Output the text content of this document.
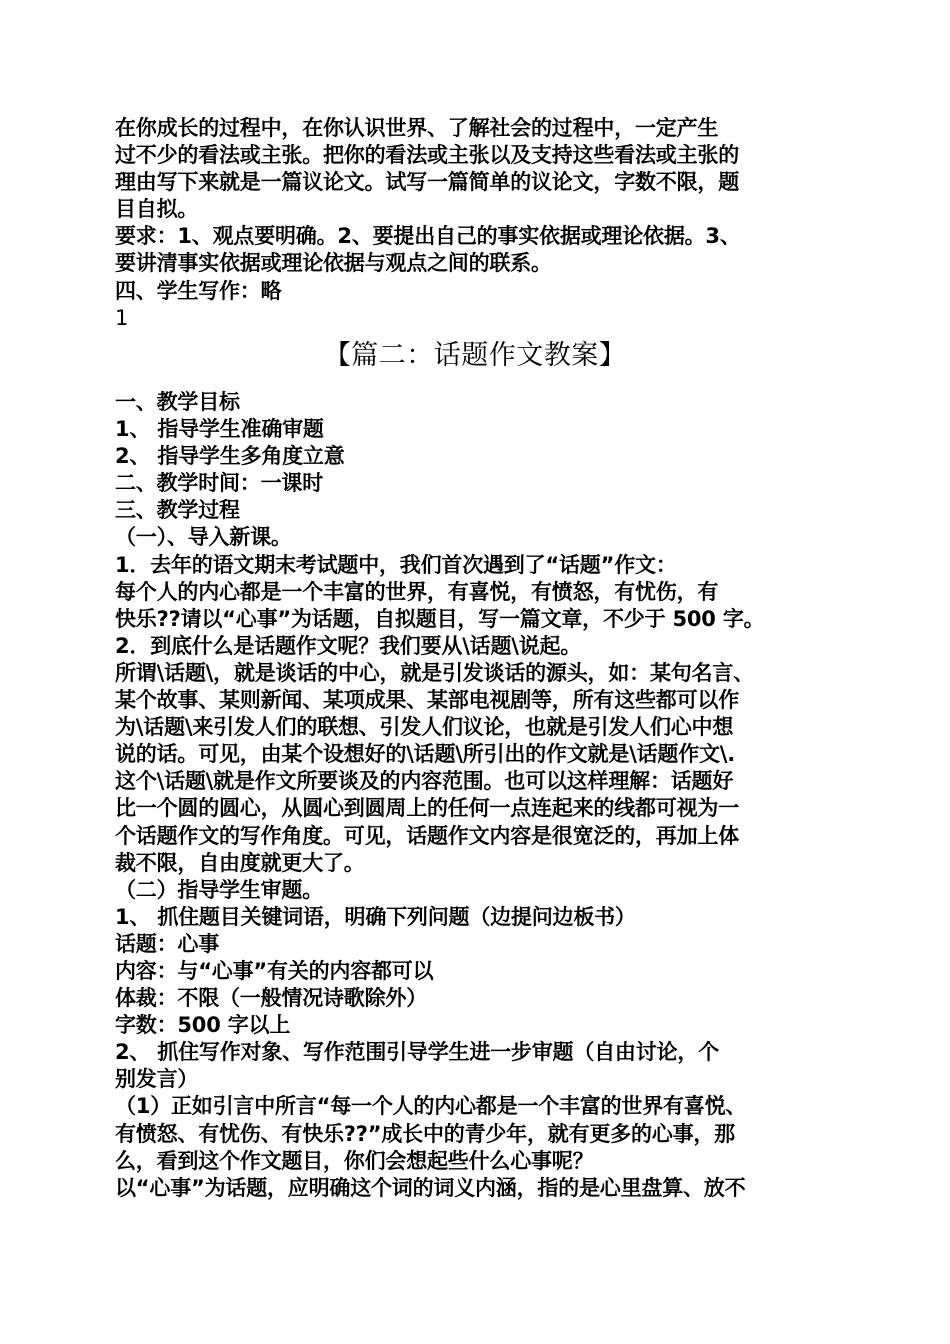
在你成长的过程中，在你认识世界、了解社会的过程中，一定产生
过不少的看法或主张。把你的看法或主张以及支持这些看法或主张的
理由写下来就是一篇议论文。试写一篇简单的议论文，字数不限，题
目自拟。
要求：1、观点要明确。2、要提出自己的事实依据或理论依据。3、
要讲清事实依据或理论依据与观点之间的联系。
四、学生写作：略
1
【篇二：话题作文教案】
一、教学目标
1、 指导学生准确审题
2、 指导学生多角度立意
二、教学时间：一课时
三、教学过程
（一）、导入新课。
1．去年的语文期末考试题中，我们首次遇到了“话题”作文：
每个人的内心都是一个丰富的世界，有喜悦，有愤怒，有忧伤，有
快乐??请以“心事”为话题，自拟题目，写一篇文章，不少于 500 字。
2．到底什么是话题作文呢？我们要从\话题\说起。
所谓\话题\，就是谈话的中心，就是引发谈话的源头，如：某句名言、
某个故事、某则新闻、某项成果、某部电视剧等，所有这些都可以作
为\话题\来引发人们的联想、引发人们议论，也就是引发人们心中想
说的话。可见，由某个设想好的\话题\所引出的作文就是\话题作文\.
这个\话题\就是作文所要谈及的内容范围。也可以这样理解：话题好
比一个圆的圆心，从圆心到圆周上的任何一点连起来的线都可视为一
个话题作文的写作角度。可见，话题作文内容是很宽泛的，再加上体
裁不限，自由度就更大了。
（二）指导学生审题。
1、 抓住题目关键词语，明确下列问题（边提问边板书）
话题：心事
内容：与“心事”有关的内容都可以
体裁：不限（一般情况诗歌除外）
字数：500 字以上
2、 抓住写作对象、写作范围引导学生进一步审题（自由讨论，个
别发言）
（1）正如引言中所言“每一个人的内心都是一个丰富的世界有喜悦、
有愤怒、有忧伤、有快乐??”成长中的青少年，就有更多的心事，那
么，看到这个作文题目，你们会想起些什么心事呢？
以“心事”为话题，应明确这个词的词义内涵，指的是心里盘算、放不
